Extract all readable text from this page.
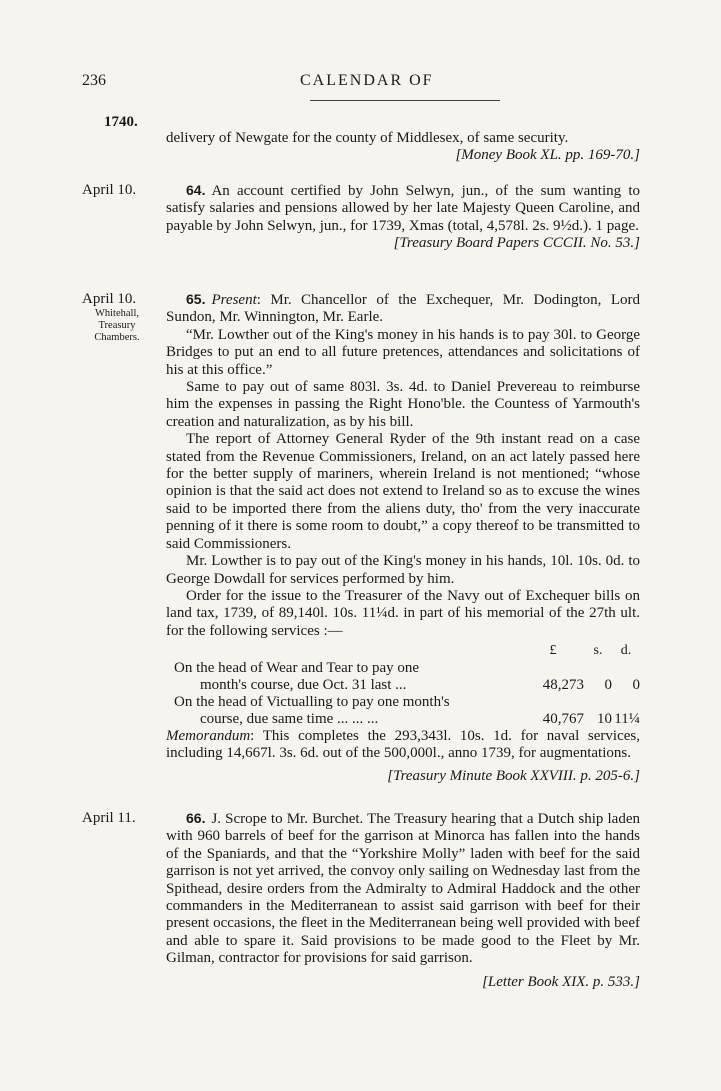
236	CALENDAR OF
1740.

delivery of Newgate for the county of Middlesex, of same security.

[Money Book XL. pp. 169-70.]

April 10.	64. An account certified by John Selwyn, jun., of the sum wanting to satisfy salaries and pensions allowed by her late Majesty Queen Caroline, and payable by John Selwyn, jun., for 1739, Xmas (total, 4,578l. 2s. 9½d.). 1 page.

[Treasury Board Papers CCCII. No. 53.]

April 10.
Whitehall, Treasury Chambers.

65. Present: Mr. Chancellor of the Exchequer, Mr. Dodington, Lord Sundon, Mr. Winnington, Mr. Earle.

“Mr. Lowther out of the King's money in his hands is to pay 30l. to George Bridges to put an end to all future pretences, attendances and solicitations of his at this office.”

Same to pay out of same 803l. 3s. 4d. to Daniel Prevereau to reimburse him the expenses in passing the Right Hono'ble. the Countess of Yarmouth's creation and naturalization, as by his bill.

The report of Attorney General Ryder of the 9th instant read on a case stated from the Revenue Commissioners, Ireland, on an act lately passed here for the better supply of mariners, wherein Ireland is not mentioned; “whose opinion is that the said act does not extend to Ireland so as to excuse the wines said to be imported there from the aliens duty, tho' from the very inaccurate penning of it there is some room to doubt,” a copy thereof to be transmitted to said Commissioners.

Mr. Lowther is to pay out of the King's money in his hands, 10l. 10s. 0d. to George Dowdall for services performed by him.

Order for the issue to the Treasurer of the Navy out of Exchequer bills on land tax, 1739, of 89,140l. 10s. 11¼d. in part of his memorial of the 27th ult. for the following services :—

£	s.	d.
On the head of Wear and Tear to pay one
month's course, due Oct. 31 last ...	48,273	0	0
On the head of Victualling to pay one month's
course, due same time ... ... ...	40,767 10 11¼

Memorandum: This completes the 293,343l. 10s. 1d. for naval services, including 14,667l. 3s. 6d. out of the 500,000l., anno 1739, for augmentations.

[Treasury Minute Book XXVIII. p. 205-6.]

April 11.	66. J. Scrope to Mr. Burchet. The Treasury hearing that a Dutch ship laden with 960 barrels of beef for the garrison at Minorca has fallen into the hands of the Spaniards, and that the “Yorkshire Molly” laden with beef for the said garrison is not yet arrived, the convoy only sailing on Wednesday last from the Spithead, desire orders from the Admiralty to Admiral Haddock and the other commanders in the Mediterranean to assist said garrison with beef for their present occasions, the fleet in the Mediterranean being well provided with beef and able to spare it. Said provisions to be made good to the Fleet by Mr. Gilman, contractor for provisions for said garrison.

[Letter Book XIX. p. 533.]
